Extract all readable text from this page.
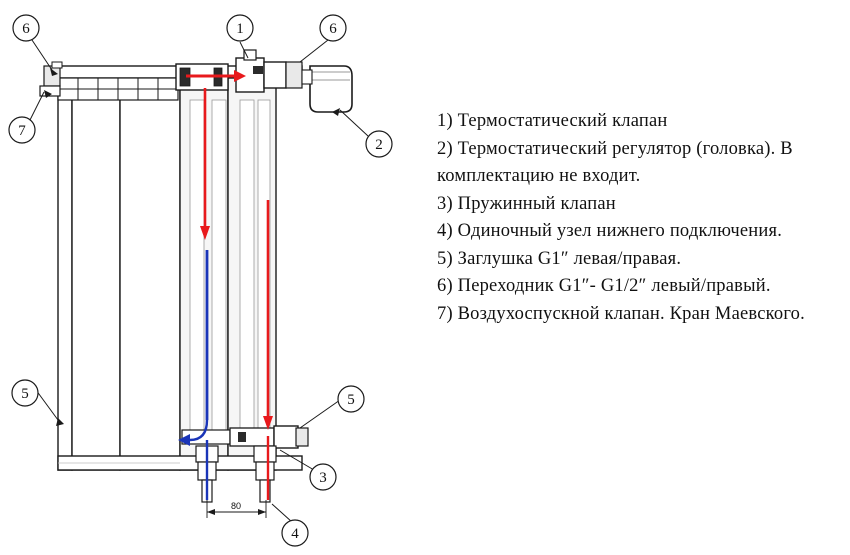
1
6	6
7
2
5	5
3
4
80

1) Термостатический клапан

2) Термостатический регулятор (головка). В комплектацию не входит.

3) Пружинный клапан

4) Одиночный узел нижнего подключения.

5) Заглушка G1″ левая/правая.

6) Переходник G1″- G1/2″ левый/правый.

7) Воздухоспускной клапан. Кран Маевского.
